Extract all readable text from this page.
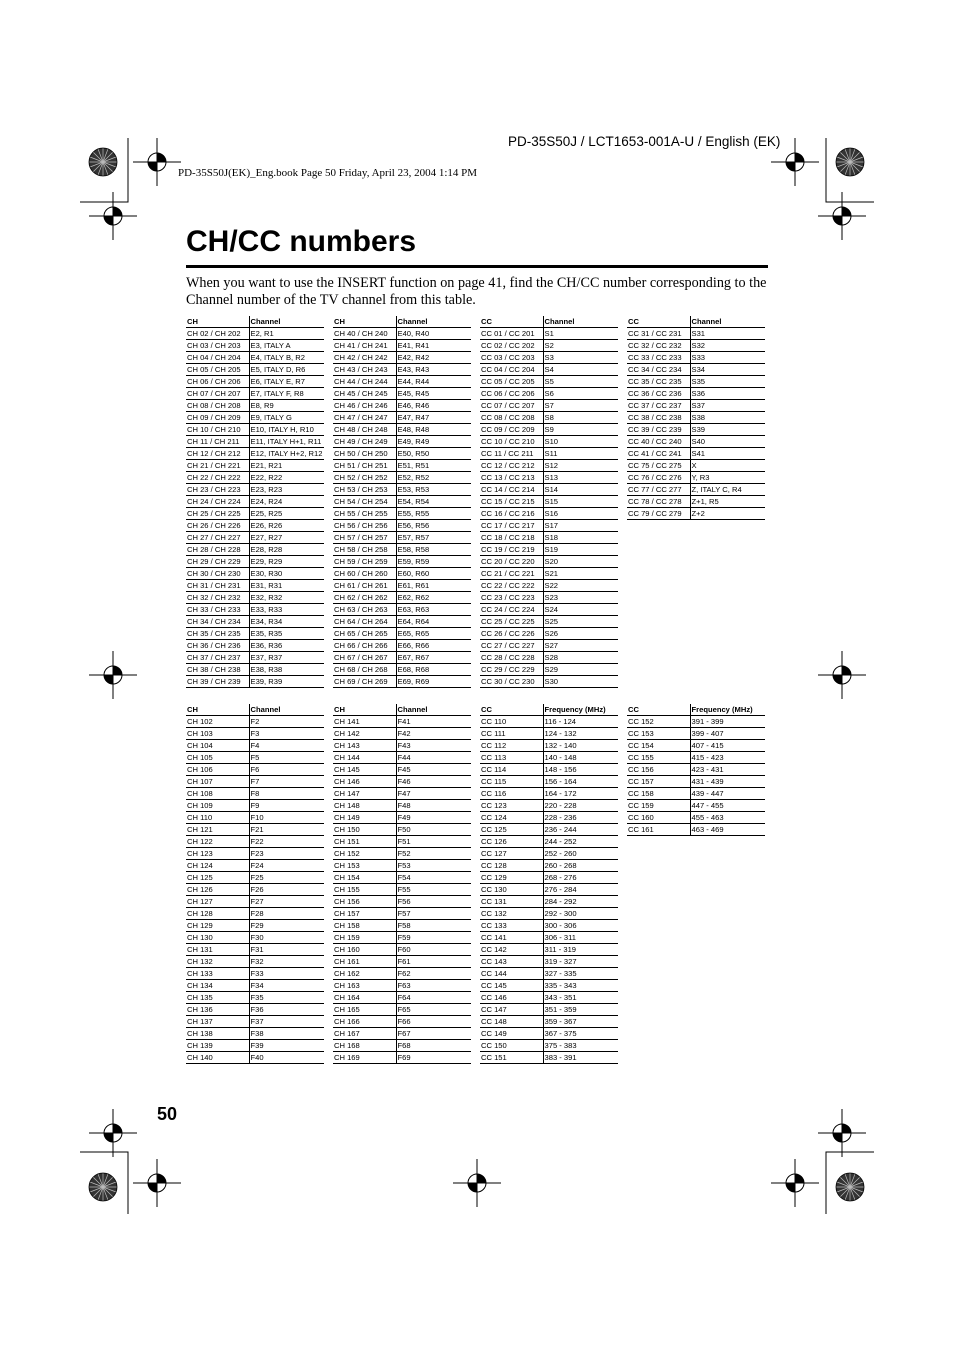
PD-35S50J / LCT1653-001A-U / English (EK)
PD-35S50J(EK)_Eng.book Page 50 Friday, April 23, 2004 1:14 PM
CH/CC numbers

When you want to use the INSERT function on page 41, find the CH/CC number corresponding to the Channel number of the TV channel from this table.

CH	Channel
CH 02 / CH 202	E2, R1
CH 03 / CH 203	E3, ITALY A
CH 04 / CH 204	E4, ITALY B, R2
CH 05 / CH 205	E5, ITALY D, R6
CH 06 / CH 206	E6, ITALY E, R7
CH 07 / CH 207	E7, ITALY F, R8
CH 08 / CH 208	E8, R9
CH 09 / CH 209	E9, ITALY G
CH 10 / CH 210	E10, ITALY H, R10
CH 11 / CH 211	E11, ITALY H+1, R11
CH 12 / CH 212	E12, ITALY H+2, R12
CH 21 / CH 221	E21, R21
CH 22 / CH 222	E22, R22
CH 23 / CH 223	E23, R23
CH 24 / CH 224	E24, R24
CH 25 / CH 225	E25, R25
CH 26 / CH 226	E26, R26
CH 27 / CH 227	E27, R27
CH 28 / CH 228	E28, R28
CH 29 / CH 229	E29, R29
CH 30 / CH 230	E30, R30
CH 31 / CH 231	E31, R31
CH 32 / CH 232	E32, R32
CH 33 / CH 233	E33, R33
CH 34 / CH 234	E34, R34
CH 35 / CH 235	E35, R35
CH 36 / CH 236	E36, R36
CH 37 / CH 237	E37, R37
CH 38 / CH 238	E38, R38
CH 39 / CH 239	E39, R39
CH	Channel
CH 40 / CH 240	E40, R40
CH 41 / CH 241	E41, R41
CH 42 / CH 242	E42, R42
CH 43 / CH 243	E43, R43
CH 44 / CH 244	E44, R44
CH 45 / CH 245	E45, R45
CH 46 / CH 246	E46, R46
CH 47 / CH 247	E47, R47
CH 48 / CH 248	E48, R48
CH 49 / CH 249	E49, R49
CH 50 / CH 250	E50, R50
CH 51 / CH 251	E51, R51
CH 52 / CH 252	E52, R52
CH 53 / CH 253	E53, R53
CH 54 / CH 254	E54, R54
CH 55 / CH 255	E55, R55
CH 56 / CH 256	E56, R56
CH 57 / CH 257	E57, R57
CH 58 / CH 258	E58, R58
CH 59 / CH 259	E59, R59
CH 60 / CH 260	E60, R60
CH 61 / CH 261	E61, R61
CH 62 / CH 262	E62, R62
CH 63 / CH 263	E63, R63
CH 64 / CH 264	E64, R64
CH 65 / CH 265	E65, R65
CH 66 / CH 266	E66, R66
CH 67 / CH 267	E67, R67
CH 68 / CH 268	E68, R68
CH 69 / CH 269	E69, R69
CC	Channel
CC 01 / CC 201	S1
CC 02 / CC 202	S2
CC 03 / CC 203	S3
CC 04 / CC 204	S4
CC 05 / CC 205	S5
CC 06 / CC 206	S6
CC 07 / CC 207	S7
CC 08 / CC 208	S8
CC 09 / CC 209	S9
CC 10 / CC 210	S10
CC 11 / CC 211	S11
CC 12 / CC 212	S12
CC 13 / CC 213	S13
CC 14 / CC 214	S14
CC 15 / CC 215	S15
CC 16 / CC 216	S16
CC 17 / CC 217	S17
CC 18 / CC 218	S18
CC 19 / CC 219	S19
CC 20 / CC 220	S20
CC 21 / CC 221	S21
CC 22 / CC 222	S22
CC 23 / CC 223	S23
CC 24 / CC 224	S24
CC 25 / CC 225	S25
CC 26 / CC 226	S26
CC 27 / CC 227	S27
CC 28 / CC 228	S28
CC 29 / CC 229	S29
CC 30 / CC 230	S30
CC	Channel
CC 31 / CC 231	S31
CC 32 / CC 232	S32
CC 33 / CC 233	S33
CC 34 / CC 234	S34
CC 35 / CC 235	S35
CC 36 / CC 236	S36
CC 37 / CC 237	S37
CC 38 / CC 238	S38
CC 39 / CC 239	S39
CC 40 / CC 240	S40
CC 41 / CC 241	S41
CC 75 / CC 275	X
CC 76 / CC 276	Y, R3
CC 77 / CC 277	Z, ITALY C, R4
CC 78 / CC 278	Z+1, R5
CC 79 / CC 279	Z+2
CH	Channel
CH 102	F2
CH 103	F3
CH 104	F4
CH 105	F5
CH 106	F6
CH 107	F7
CH 108	F8
CH 109	F9
CH 110	F10
CH 121	F21
CH 122	F22
CH 123	F23
CH 124	F24
CH 125	F25
CH 126	F26
CH 127	F27
CH 128	F28
CH 129	F29
CH 130	F30
CH 131	F31
CH 132	F32
CH 133	F33
CH 134	F34
CH 135	F35
CH 136	F36
CH 137	F37
CH 138	F38
CH 139	F39
CH 140	F40
CH	Channel
CH 141	F41
CH 142	F42
CH 143	F43
CH 144	F44
CH 145	F45
CH 146	F46
CH 147	F47
CH 148	F48
CH 149	F49
CH 150	F50
CH 151	F51
CH 152	F52
CH 153	F53
CH 154	F54
CH 155	F55
CH 156	F56
CH 157	F57
CH 158	F58
CH 159	F59
CH 160	F60
CH 161	F61
CH 162	F62
CH 163	F63
CH 164	F64
CH 165	F65
CH 166	F66
CH 167	F67
CH 168	F68
CH 169	F69
CC	Frequency (MHz)
CC 110	116 - 124
CC 111	124 - 132
CC 112	132 - 140
CC 113	140 - 148
CC 114	148 - 156
CC 115	156 - 164
CC 116	164 - 172
CC 123	220 - 228
CC 124	228 - 236
CC 125	236 - 244
CC 126	244 - 252
CC 127	252 - 260
CC 128	260 - 268
CC 129	268 - 276
CC 130	276 - 284
CC 131	284 - 292
CC 132	292 - 300
CC 133	300 - 306
CC 141	306 - 311
CC 142	311 - 319
CC 143	319 - 327
CC 144	327 - 335
CC 145	335 - 343
CC 146	343 - 351
CC 147	351 - 359
CC 148	359 - 367
CC 149	367 - 375
CC 150	375 - 383
CC 151	383 - 391
CC	Frequency (MHz)
CC 152	391 - 399
CC 153	399 - 407
CC 154	407 - 415
CC 155	415 - 423
CC 156	423 - 431
CC 157	431 - 439
CC 158	439 - 447
CC 159	447 - 455
CC 160	455 - 463
CC 161	463 - 469
50
